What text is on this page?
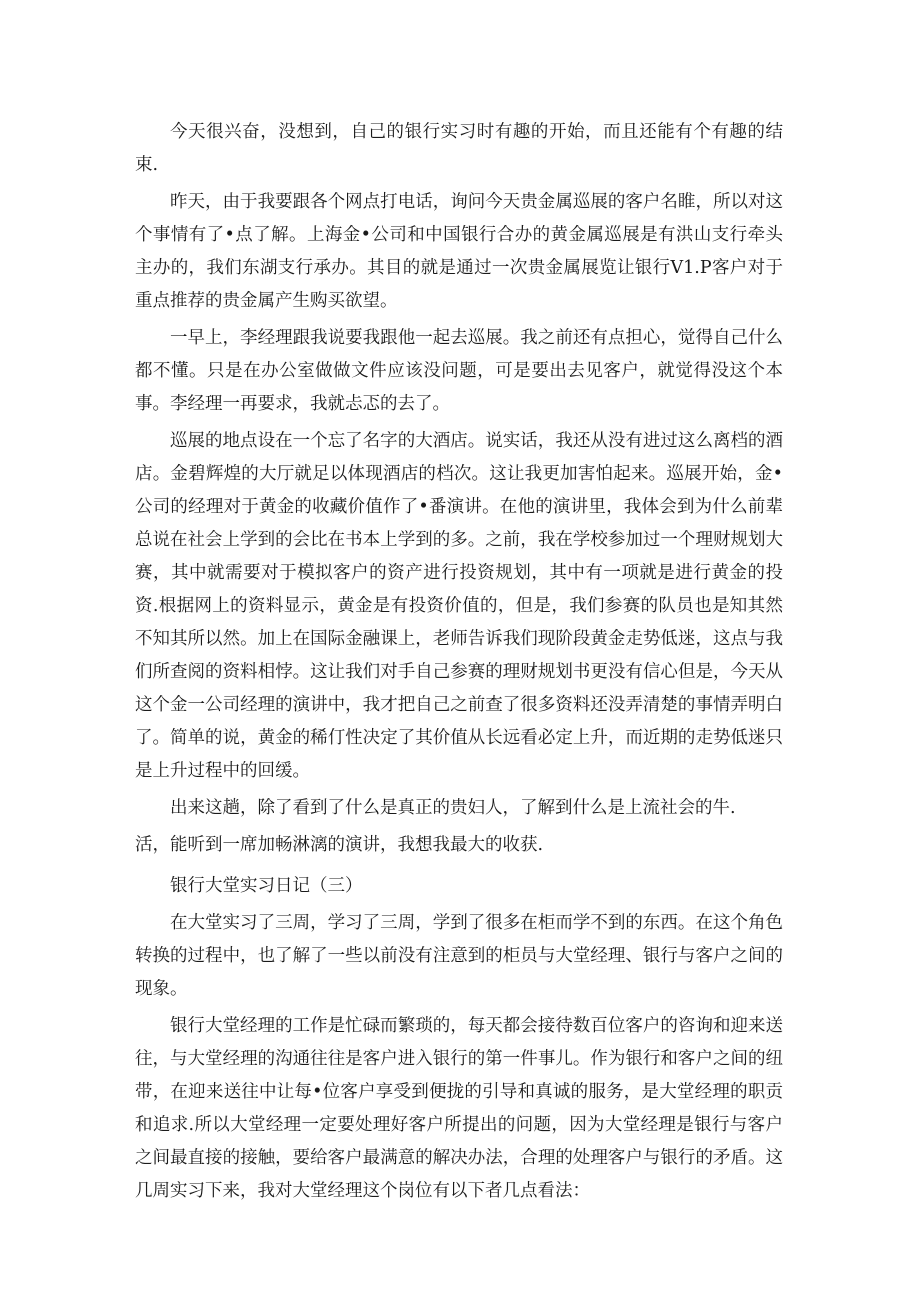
今天很兴奋，没想到，自己的银行实习时有趣的开始，而且还能有个有趣的结束.

昨天，由于我要跟各个网点打电话，询问今天贵金属巡展的客户名睢，所以对这个事情有了•点了解。上海金•公司和中国银行合办的黄金属巡展是有洪山支行牵头主办的，我们东湖支行承办。其目的就是通过一次贵金属展览让银行V1.P客户对于重点推荐的贵金属产生购买欲望。

一早上，李经理跟我说要我跟他一起去巡展。我之前还有点担心，觉得自己什么都不懂。只是在办公室做做文件应该没问题，可是要出去见客户，就觉得没这个本事。李经理一再要求，我就忐忑的去了。

巡展的地点设在一个忘了名字的大酒店。说实话，我还从没有进过这么离档的酒店。金碧辉煌的大厅就足以体现酒店的档次。这让我更加害怕起来。巡展开始，金•公司的经理对于黄金的收藏价值作了•番演讲。在他的演讲里，我体会到为什么前辈总说在社会上学到的会比在书本上学到的多。之前，我在学校参加过一个理财规划大赛，其中就需要对于模拟客户的资产进行投资规划，其中有一项就是进行黄金的投资.根据网上的资料显示，黄金是有投资价值的，但是，我们参赛的队员也是知其然不知其所以然。加上在国际金融课上，老师告诉我们现阶段黄金走势低迷，这点与我们所查阅的资料相悖。这让我们对手自己参赛的理财规划书更没有信心但是，今天从这个金一公司经理的演讲中，我才把自己之前查了很多资料还没弄清楚的事情弄明白了。简单的说，黄金的稀仃性决定了其价值从长远看必定上升，而近期的走势低迷只是上升过程中的回缓。

出来这趟，除了看到了什么是真正的贵妇人，了解到什么是上流社会的牛.

活，能听到一席加畅淋漓的演讲，我想我最大的收获.

银行大堂实习日记（三）

在大堂实习了三周，学习了三周，学到了很多在柜而学不到的东西。在这个角色转换的过程中，也了解了一些以前没有注意到的柜员与大堂经理、银行与客户之间的现象。

银行大堂经理的工作是忙碌而繁琐的，每天都会接待数百位客户的咨询和迎来送往，与大堂经理的沟通往往是客户进入银行的第一件事儿。作为银行和客户之间的纽带，在迎来送往中让每•位客户享受到便拢的引导和真诚的服务，是大堂经理的职贡和追求.所以大堂经理一定要处理好客户所提出的问题，因为大堂经理是银行与客户之间最直接的接触，要给客户最满意的解决办法，合理的处理客户与银行的矛盾。这几周实习下来，我对大堂经理这个岗位有以下者几点看法：
